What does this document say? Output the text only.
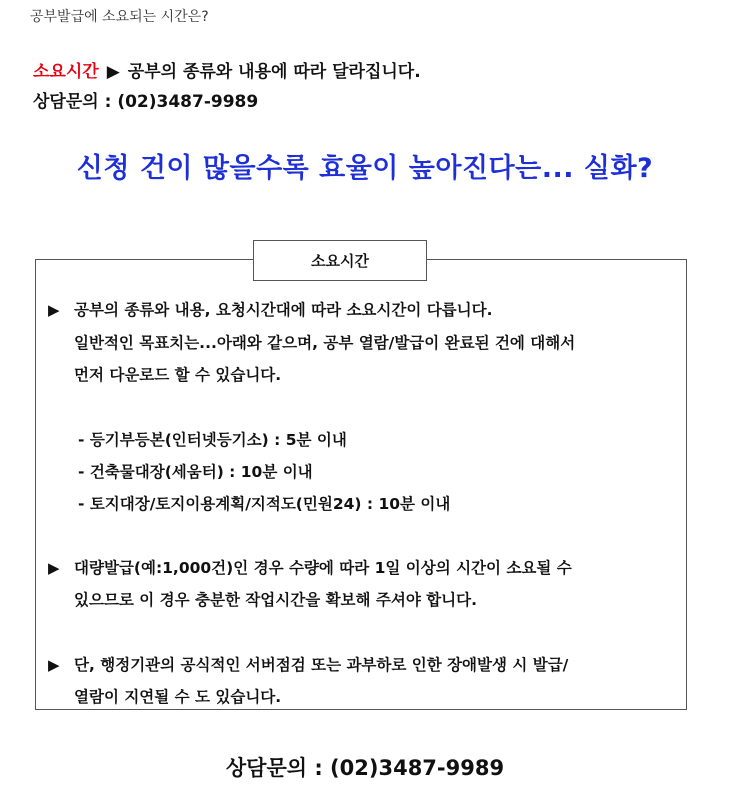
공부발급에 소요되는 시간은?
소요시간 ▶ 공부의 종류와 내용에 따라 달라집니다.
상담문의 : (02)3487-9989
신청 건이 많을수록 효율이 높아진다는... 실화?
소요시간
▶ 공부의 종류와 내용, 요청시간대에 따라 소요시간이 다릅니다.
일반적인 목표치는...아래와 같으며, 공부 열람/발급이 완료된 건에 대해서
먼저 다운로드 할 수 있습니다.
- 등기부등본(인터넷등기소) : 5분 이내
- 건축물대장(세움터) : 10분 이내
- 토지대장/토지이용계획/지적도(민원24) : 10분 이내
▶ 대량발급(예:1,000건)인 경우 수량에 따라 1일 이상의 시간이 소요될 수
있으므로 이 경우 충분한 작업시간을 확보해 주셔야 합니다.
▶ 단, 행정기관의 공식적인 서버점검 또는 과부하로 인한 장애발생 시 발급/
열람이 지연될 수 도 있습니다.
상담문의 : (02)3487-9989
